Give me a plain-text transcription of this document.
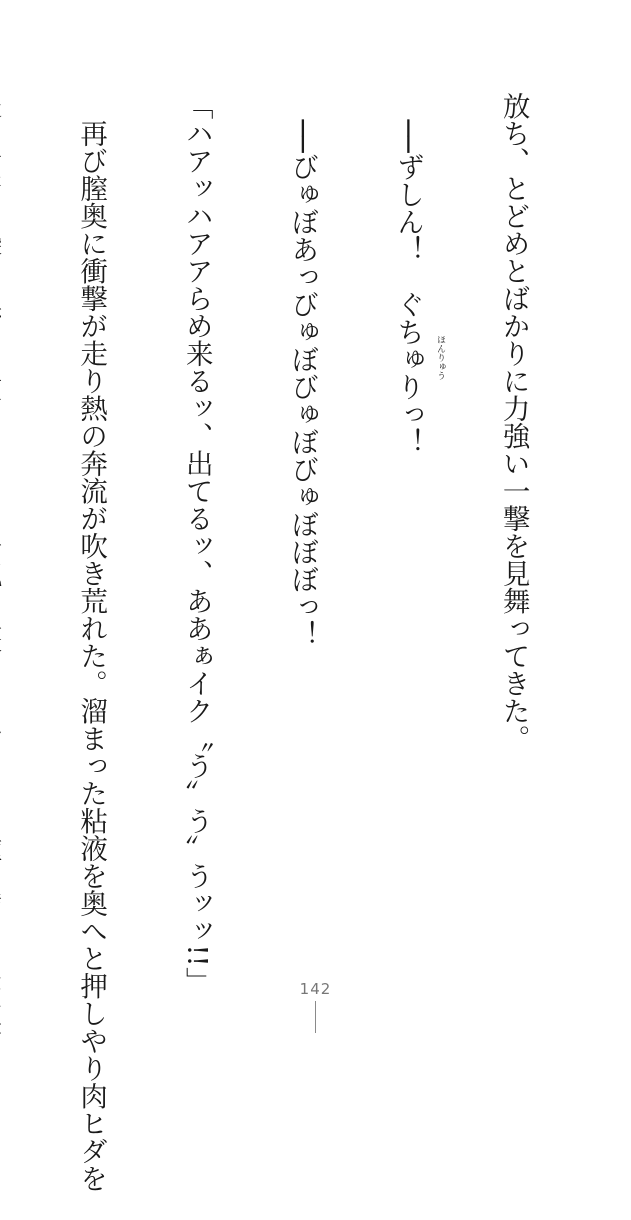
放ち、とどめとばかりに力強い一撃を見舞ってきた。

　──ずしん！　ぐちゅりっ！

　──びゅぼあっびゅぼびゅぼびゅぼぼぼっ！

「ハアッハアアらめ来るッ、出てるッ、ああぁイク〝う〟う〟うッッ!!」

　再び膣奥に衝撃が走り熱の奔流が吹き荒れた。溜まった粘液を奥へと押しやり肉ヒダを

	ほんりゅう
142
